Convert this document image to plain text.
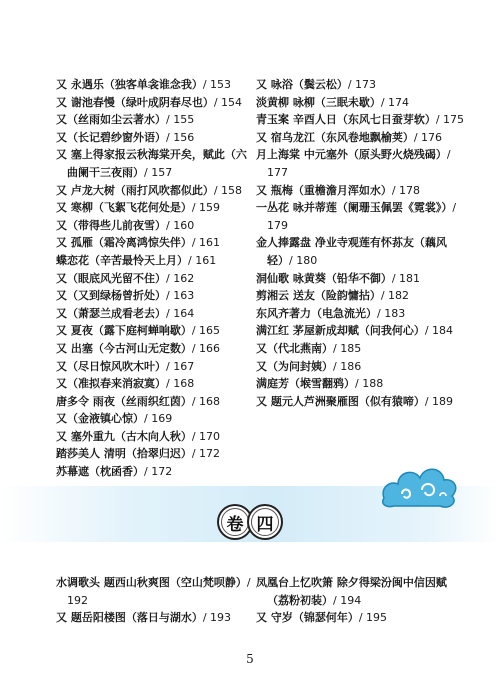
又 永遇乐（独客单衾谁念我）/ 153
又 谢池春慢（绿叶成阴春尽也）/ 154
又（丝雨如尘云著水）/ 155
又（长记碧纱窗外语）/ 156
又 塞上得家报云秋海棠开矣，赋此（六曲阑干三夜雨）/ 157
又 卢龙大树（雨打风吹都似此）/ 158
又 寒柳（飞絮飞花何处是）/ 159
又（带得些儿前夜雪）/ 160
又 孤雁（霜冷离鸿惊失伴）/ 161
蝶恋花（辛苦最怜天上月）/ 161
又（眼底风光留不住）/ 162
又（又到绿杨曾折处）/ 163
又（萧瑟兰成看老去）/ 164
又 夏夜（露下庭柯蝉响歇）/ 165
又 出塞（今古河山无定数）/ 166
又（尽日惊风吹木叶）/ 167
又（准拟春来消寂寞）/ 168
唐多令 雨夜（丝雨织红茵）/ 168
又（金液镇心惊）/ 169
又 塞外重九（古木向人秋）/ 170
踏莎美人 清明（拾翠归迟）/ 172
苏幕遮（枕函香）/ 172
又 咏浴（鬓云松）/ 173
淡黄柳 咏柳（三眠未歇）/ 174
青玉案 辛酉人日（东风七日蚕芽软）/ 175
又 宿乌龙江（东风卷地飘榆荚）/ 176
月上海棠 中元塞外（原头野火烧残碣）/ 177
又 瓶梅（重檐澹月浑如水）/ 178
一丛花 咏并蒂莲（阑珊玉佩罢《霓裳》）/ 179
金人捧露盘 净业寺观莲有怀荪友（藕风轻）/ 180
洞仙歌 咏黄葵（铅华不御）/ 181
剪湘云 送友（险韵慵拈）/ 182
东风齐著力（电急流光）/ 183
满江红 茅屋新成却赋（问我何心）/ 184
又（代北燕南）/ 185
又（为问封姨）/ 186
满庭芳（堠雪翻鸦）/ 188
又 题元人芦洲聚雁图（似有猿啼）/ 189
卷 四
水调歌头 题西山秋爽图（空山梵呗静）/ 192
又 题岳阳楼图（落日与湖水）/ 193
凤凰台上忆吹箫 除夕得梁汾闽中信因赋（荔粉初装）/ 194
又 守岁（锦瑟何年）/ 195
5
